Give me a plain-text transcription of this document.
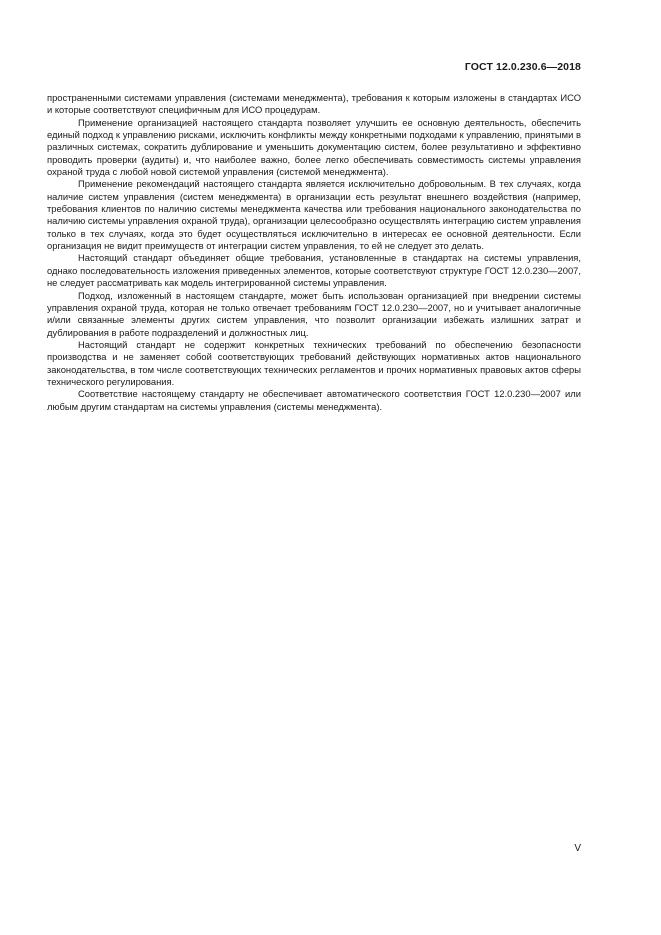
ГОСТ 12.0.230.6—2018

пространенными системами управления (системами менеджмента), требования к которым изложены в стандартах ИСО и которые соответствуют специфичным для ИСО процедурам.

Применение организацией настоящего стандарта позволяет улучшить ее основную деятельность, обеспечить единый подход к управлению рисками, исключить конфликты между конкретными подходами к управлению, принятыми в различных системах, сократить дублирование и уменьшить документацию систем, более результативно и эффективно проводить проверки (аудиты) и, что наиболее важно, более легко обеспечивать совместимость системы управления охраной труда с любой новой системой управления (системой менеджмента).

Применение рекомендаций настоящего стандарта является исключительно добровольным. В тех случаях, когда наличие систем управления (систем менеджмента) в организации есть результат внешнего воздействия (например, требования клиентов по наличию системы менеджмента качества или требования национального законодательства по наличию системы управления охраной труда), организации целесообразно осуществлять интеграцию систем управления только в тех случаях, когда это будет осуществляться исключительно в интересах ее основной деятельности. Если организация не видит преимуществ от интеграции систем управления, то ей не следует это делать.

Настоящий стандарт объединяет общие требования, установленные в стандартах на системы управления, однако последовательность изложения приведенных элементов, которые соответствуют структуре ГОСТ 12.0.230—2007, не следует рассматривать как модель интегрированной системы управления.

Подход, изложенный в настоящем стандарте, может быть использован организацией при внедрении системы управления охраной труда, которая не только отвечает требованиям ГОСТ 12.0.230—2007, но и учитывает аналогичные и/или связанные элементы других систем управления, что позволит организации избежать излишних затрат и дублирования в работе подразделений и должностных лиц.

Настоящий стандарт не содержит конкретных технических требований по обеспечению безопасности производства и не заменяет собой соответствующих требований действующих нормативных актов национального законодательства, в том числе соответствующих технических регламентов и прочих нормативных правовых актов сферы технического регулирования.

Соответствие настоящему стандарту не обеспечивает автоматического соответствия ГОСТ 12.0.230—2007 или любым другим стандартам на системы управления (системы менеджмента).

V
